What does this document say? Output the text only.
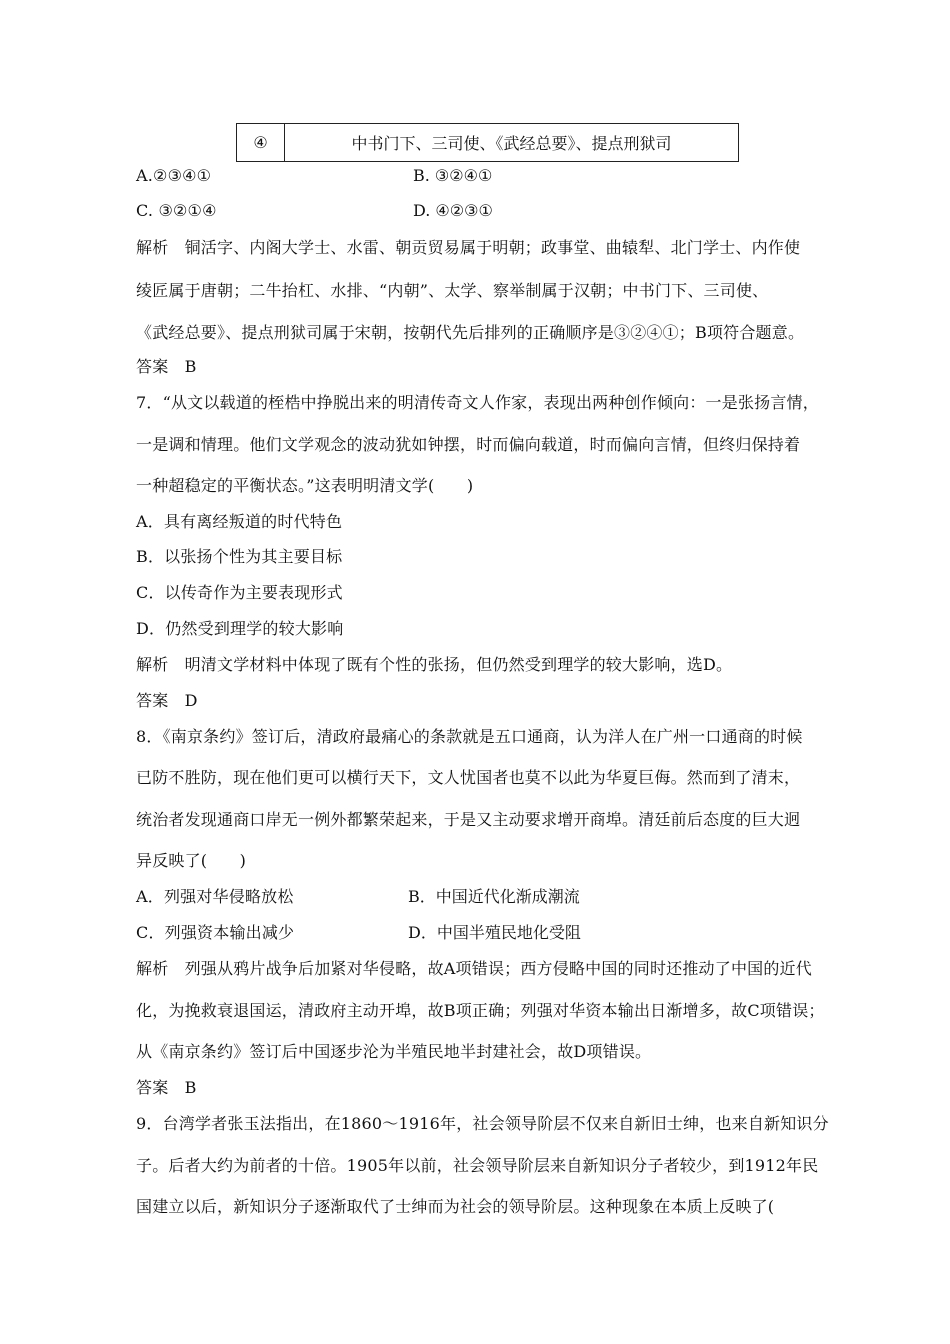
④	中书门下、三司使、《武经总要》、提点刑狱司
A.②③④①	B. ③②④①
C. ③②①④	D. ④②③①
解析　铜活字、内阁大学士、水雷、朝贡贸易属于明朝；政事堂、曲辕犁、北门学士、内作使
绫匠属于唐朝；二牛抬杠、水排、“内朝”、太学、察举制属于汉朝；中书门下、三司使、
《武经总要》、提点刑狱司属于宋朝，按朝代先后排列的正确顺序是③②④①；B项符合题意。
答案　B
7．“从文以载道的桎梏中挣脱出来的明清传奇文人作家，表现出两种创作倾向：一是张扬言情，
一是调和情理。他们文学观念的波动犹如钟摆，时而偏向载道，时而偏向言情，但终归保持着
一种超稳定的平衡状态。”这表明明清文学(　　)
A．具有离经叛道的时代特色
B．以张扬个性为其主要目标
C．以传奇作为主要表现形式
D．仍然受到理学的较大影响
解析　明清文学材料中体现了既有个性的张扬，但仍然受到理学的较大影响，选D。
答案　D
8．《南京条约》签订后，清政府最痛心的条款就是五口通商，认为洋人在广州一口通商的时候
已防不胜防，现在他们更可以横行天下，文人忧国者也莫不以此为华夏巨侮。然而到了清末，
统治者发现通商口岸无一例外都繁荣起来，于是又主动要求增开商埠。清廷前后态度的巨大迥
异反映了(　　)
A．列强对华侵略放松	B．中国近代化渐成潮流
C．列强资本输出减少	D．中国半殖民地化受阻
解析　列强从鸦片战争后加紧对华侵略，故A项错误；西方侵略中国的同时还推动了中国的近代
化，为挽救衰退国运，清政府主动开埠，故B项正确；列强对华资本输出日渐增多，故C项错误；
从《南京条约》签订后中国逐步沦为半殖民地半封建社会，故D项错误。
答案　B
9．台湾学者张玉法指出，在1860～1916年，社会领导阶层不仅来自新旧士绅，也来自新知识分
子。后者大约为前者的十倍。1905年以前，社会领导阶层来自新知识分子者较少，到1912年民
国建立以后，新知识分子逐渐取代了士绅而为社会的领导阶层。这种现象在本质上反映了(
